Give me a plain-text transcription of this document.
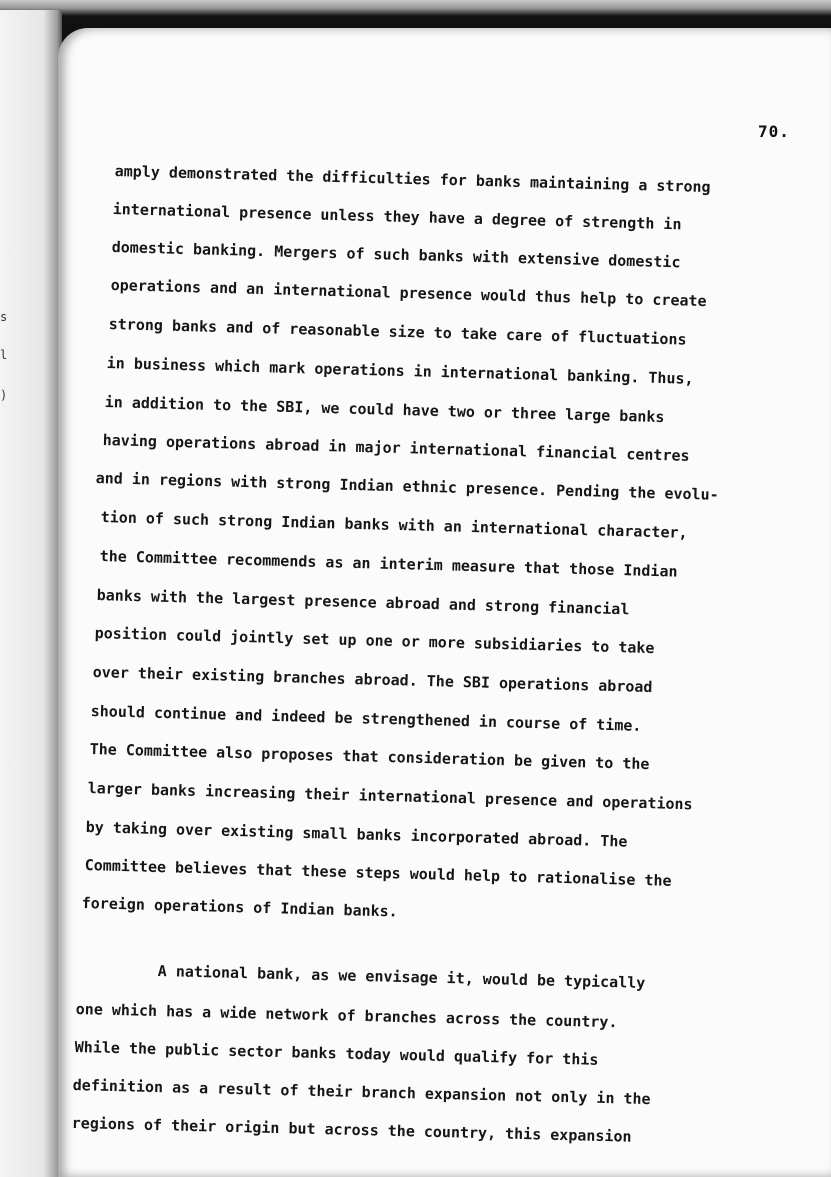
s
l
)
70.

amply demonstrated the difficulties for banks maintaining a strong

international presence unless they have a degree of strength in

domestic banking. Mergers of such banks with extensive domestic

operations and an international presence would thus help to create

strong banks and of reasonable size to take care of fluctuations

in business which mark operations in international banking. Thus,

in addition to the SBI, we could have two or three large banks

having operations abroad in major international financial centres

and in regions with strong Indian ethnic presence. Pending the evolu-

tion of such strong Indian banks with an international character,

the Committee recommends as an interim measure that those Indian

banks with the largest presence abroad and strong financial

position could jointly set up one or more subsidiaries to take

over their existing branches abroad. The SBI operations abroad

should continue and indeed be strengthened in course of time.

The Committee also proposes that consideration be given to the

larger banks increasing their international presence and operations

by taking over existing small banks incorporated abroad. The

Committee believes that these steps would help to rationalise the

foreign operations of Indian banks.

A national bank, as we envisage it, would be typically

one which has a wide network of branches across the country.

While the public sector banks today would qualify for this

definition as a result of their branch expansion not only in the

regions of their origin but across the country, this expansion
